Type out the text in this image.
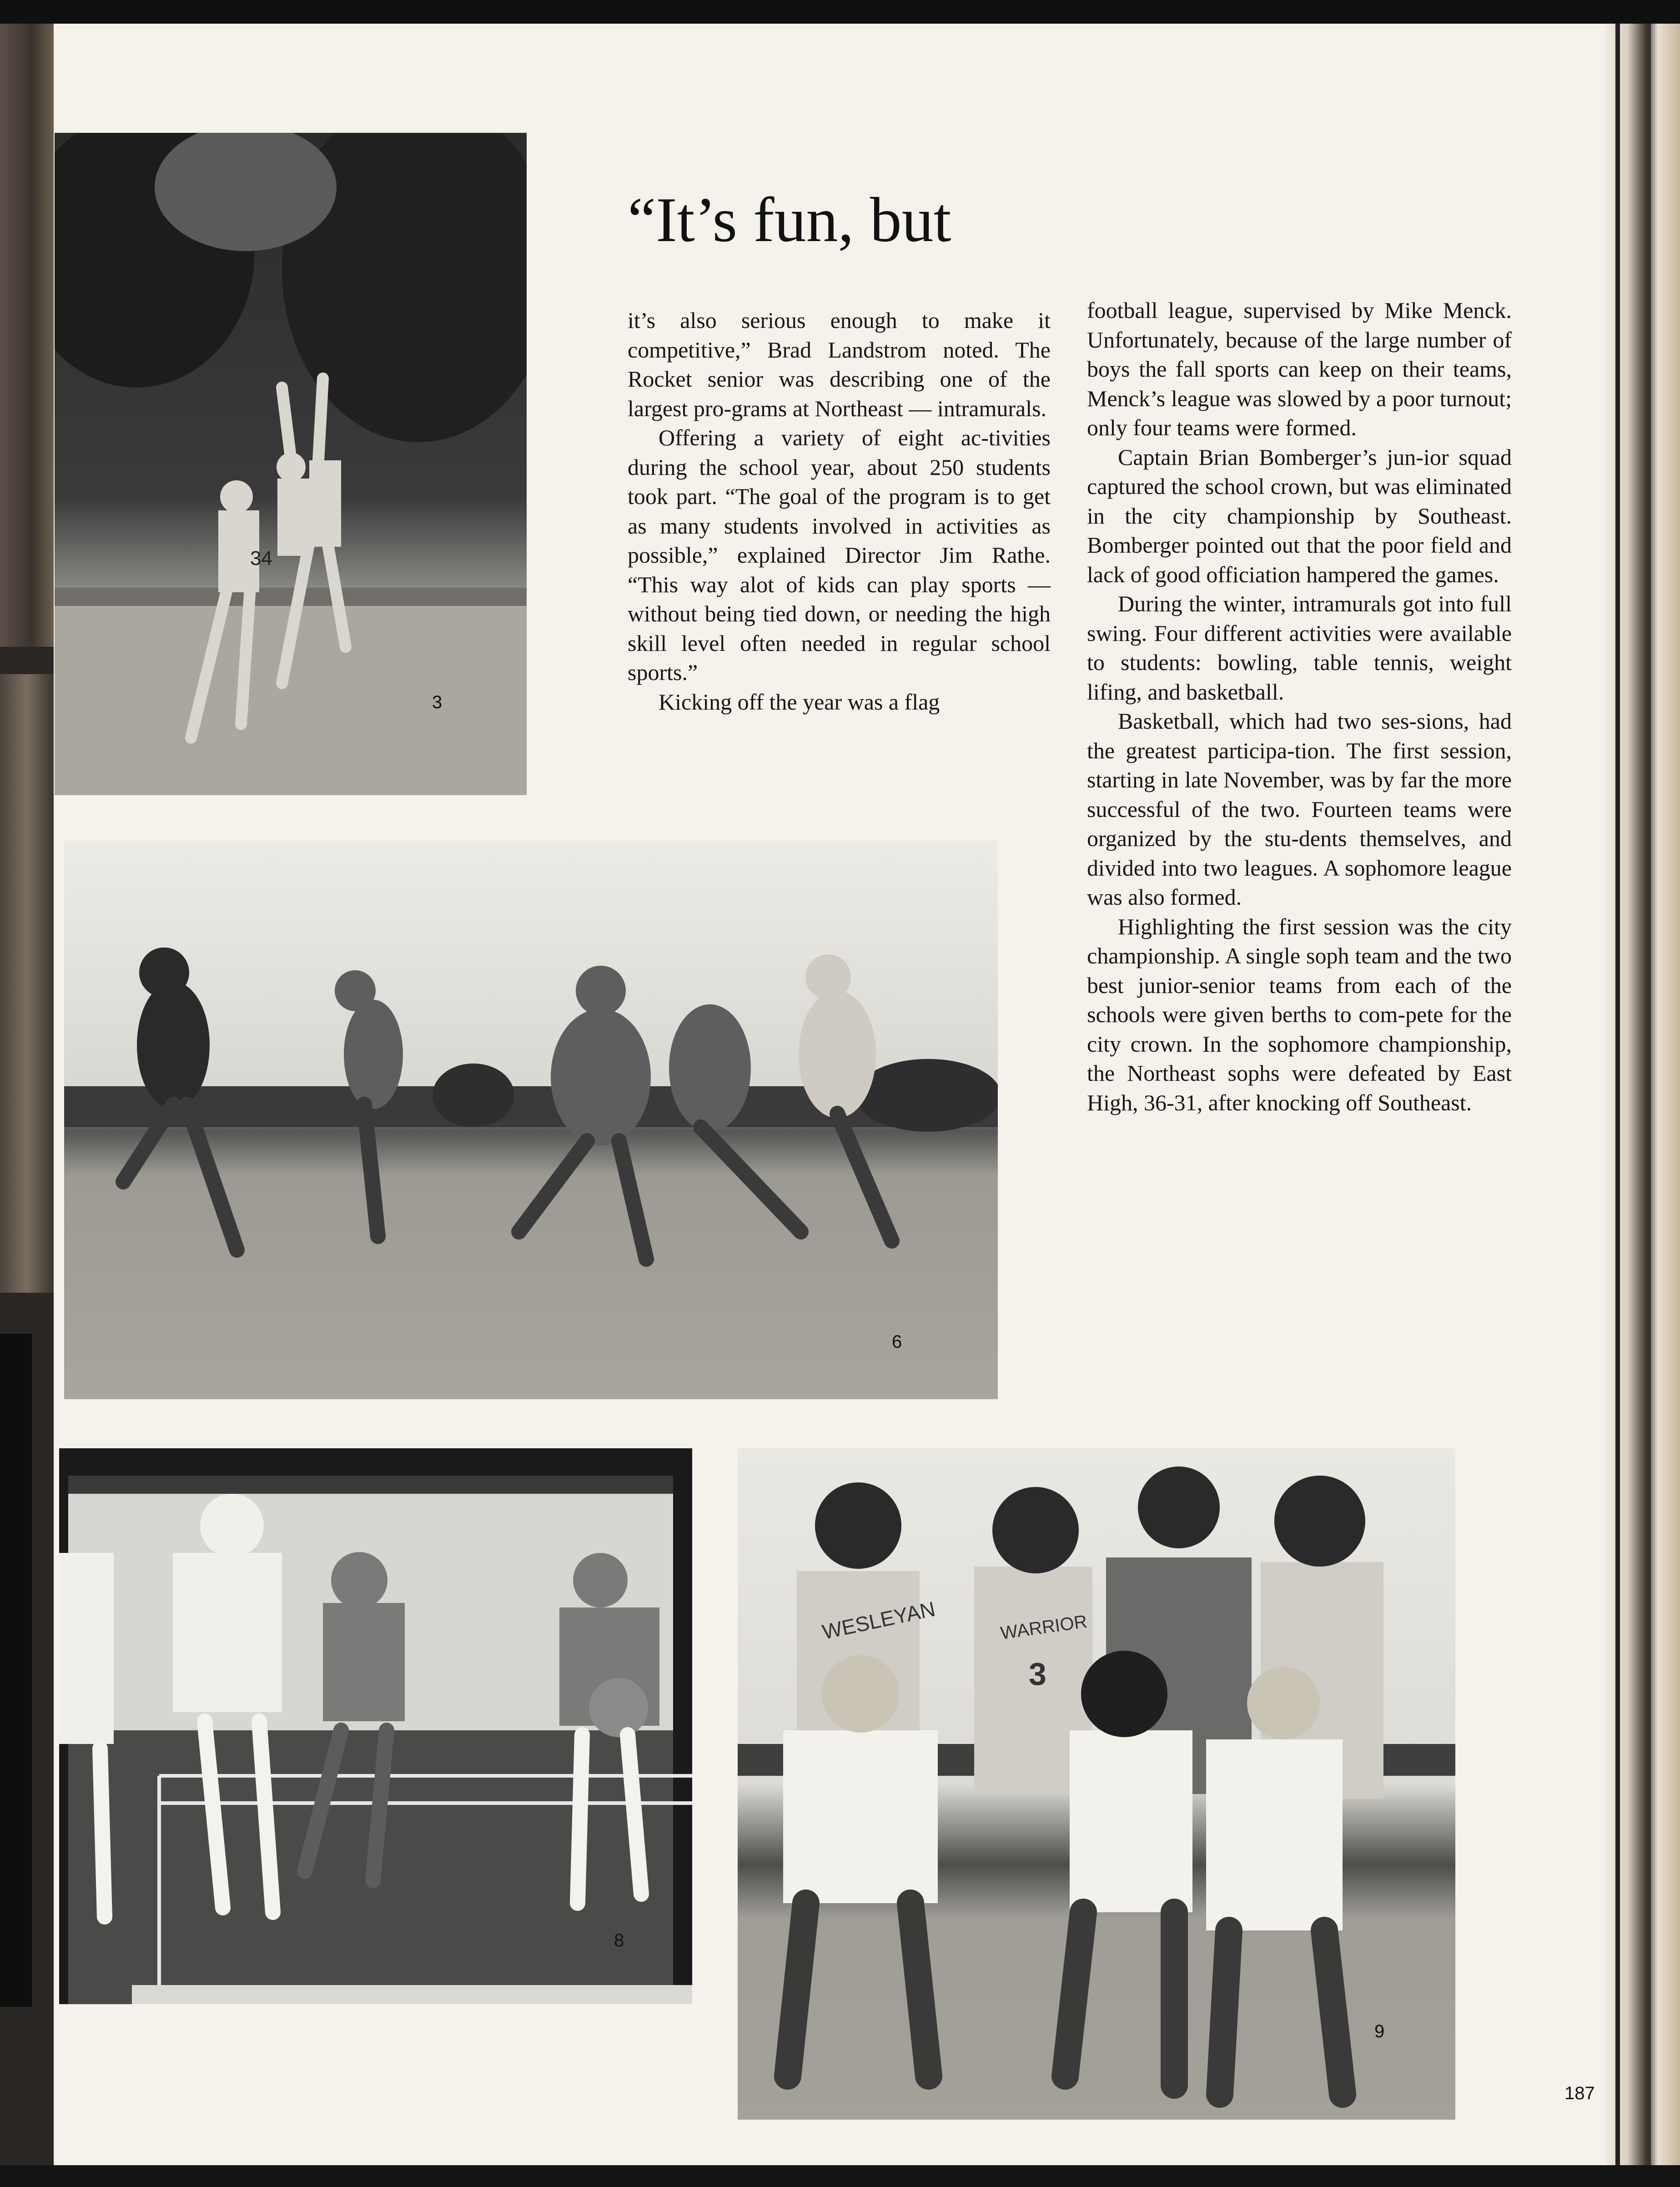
34
3
“It’s fun, but

it’s also serious enough to make it competitive,” Brad Landstrom noted. The Rocket senior was describing one of the largest pro-grams at Northeast — intramurals.

Offering a variety of eight ac-tivities during the school year, about 250 students took part. “The goal of the program is to get as many students involved in activities as possible,” explained Director Jim Rathe. “This way alot of kids can play sports — without being tied down, or needing the high skill level often needed in regular school sports.”

Kicking off the year was a flag

6

football league, supervised by Mike Menck. Unfortunately, because of the large number of boys the fall sports can keep on their teams, Menck’s league was slowed by a poor turnout; only four teams were formed.

Captain Brian Bomberger’s jun-ior squad captured the school crown, but was eliminated in the city championship by Southeast. Bomberger pointed out that the poor field and lack of good officiation hampered the games.

During the winter, intramurals got into full swing. Four different activities were available to students: bowling, table tennis, weight lifing, and basketball.

Basketball, which had two ses-sions, had the greatest participa-tion. The first session, starting in late November, was by far the more successful of the two. Fourteen teams were organized by the stu-dents themselves, and divided into two leagues. A sophomore league was also formed.

Highlighting the first session was the city championship. A single soph team and the two best junior-senior teams from each of the schools were given berths to com-pete for the city crown. In the sophomore championship, the Northeast sophs were defeated by East High, 36-31, after knocking off Southeast.

8
WESLEYAN	WARRIOR
3
9
187
